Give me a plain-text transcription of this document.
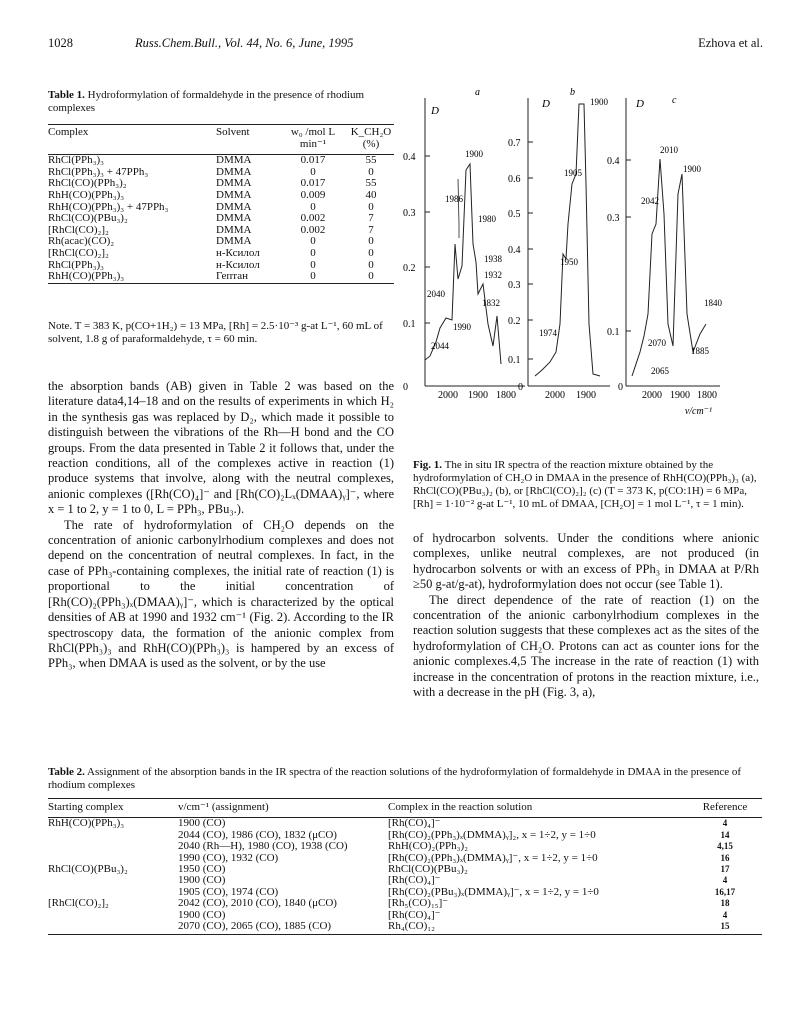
1028	Russ.Chem.Bull., Vol. 44, No. 6, June, 1995	Ezhova et al.
Table 1. Hydroformylation of formaldehyde in the presence of rhodium complexes
Complex	Solvent	w₀ /mol L min⁻¹	K_CH₂O (%)
RhCl(PPh₃)₃	DMMA	0.017	55
RhCl(PPh₃)₃ + 47PPh₃	DMMA	0	0
RhCl(CO)(PPh₃)₂	DMMA	0.017	55
RhH(CO)(PPh₃)₃	DMMA	0.009	40
RhH(CO)(PPh₃)₃ + 47PPh₃	DMMA	0	0
RhCl(CO)(PBu₃)₂	DMMA	0.002	7
[RhCl(CO)₂]₂	DMMA	0.002	7
Rh(acac)(CO)₂	DMMA	0	0
[RhCl(CO)₂]₂	н-Ксилол	0	0
RhCl(PPh₃)₃	н-Ксилол	0	0
RhH(CO)(PPh₃)₃	Гептан	0	0
Note. T = 383 K, p(CO+1H₂) = 13 MPa, [Rh] = 2.5·10⁻³ g-at L⁻¹, 60 mL of solvent, 1.8 g of paraformaldehyde, τ = 60 min.

the absorption bands (AB) given in Table 2 was based on the literature data4,14–18 and on the results of experiments in which H₂ in the synthesis gas was replaced by D₂, which made it possible to distinguish between the vibrations of the Rh—H bond and the CO groups. From the data presented in Table 2 it follows that, under the reaction conditions, all of the complexes active in reaction (1) produce systems that involve, along with the neutral complexes, anionic complexes ([Rh(CO)₄]⁻ and [Rh(CO)₂Lₓ(DMAA)ᵧ]⁻, where x = 1 to 2, y = 1 to 0, L = PPh₃, PBu₃.).

The rate of hydroformylation of CH₂O depends on the concentration of anionic carbonylrhodium complexes and does not depend on the concentration of neutral complexes. In fact, in the case of PPh₃-containing complexes, the initial rate of reaction (1) is proportional to the initial concentration of [Rh(CO)₂(PPh₃)ₓ(DMAA)ᵧ]⁻, which is characterized by the optical densities of AB at 1990 and 1932 cm⁻¹ (Fig. 2). According to the IR spectroscopy data, the formation of the anionic complex from RhCl(PPh₃)₃ and RhH(CO)(PPh₃)₃ is hampered by an excess of PPh₃, when DMAA is used as the solvent, or by the use

a	b
c
D
0
0.1
0.2
0.3
0.4
2000 1900 1800
1900
1986
1980
1938
1932
1832
2040
1990
2044
D
0
0.1
0.2
0.3
0.4
0.5
0.6
0.7
2000 1900
1900
1905
1950
1974
D
0
0.1
0.3
0.4
2000 1900 1800
2010
1900
2042
1840
2070
1885
2065
v/cm⁻¹
Fig. 1. The in situ IR spectra of the reaction mixture obtained by the hydroformylation of CH₂O in DMAA in the presence of RhH(CO)(PPh₃)₃ (a), RhCl(CO)(PBu₃)₂ (b), or [RhCl(CO)₂]₂ (c) (T = 373 K, p(CO:1H) = 6 MPa, [Rh] = 1·10⁻² g-at L⁻¹, 10 mL of DMAA, [CH₂O] = 1 mol L⁻¹, τ = 1 min).

of hydrocarbon solvents. Under the conditions where anionic complexes, unlike neutral complexes, are not produced (in hydrocarbon solvents or with an excess of PPh₃ in DMAA at P/Rh ≥50 g-at/g-at), hydroformylation does not occur (see Table 1).

The direct dependence of the rate of reaction (1) on the concentration of the anionic carbonylrhodium complexes in the reaction solution suggests that these complexes act as the sites of the hydroformylation of CH₂O. Protons can act as counter ions for the anionic complexes.4,5 The increase in the rate of reaction (1) with increase in the concentration of protons in the reaction mixture, i.e., with a decrease in the pH (Fig. 3, a),

Table 2. Assignment of the absorption bands in the IR spectra of the reaction solutions of the hydroformylation of formaldehyde in DMAA in the presence of rhodium complexes
Starting complex	v/cm⁻¹ (assignment)	Complex in the reaction solution	Reference
RhH(CO)(PPh₃)₃	1900 (CO)	[Rh(CO)₄]⁻	4
	2044 (CO), 1986 (CO), 1832 (μCO)	[Rh(CO)₂(PPh₃)ₓ(DMMA)ᵧ]₂, x = 1÷2, y = 1÷0	14
	2040 (Rh—H), 1980 (CO), 1938 (CO)	RhH(CO)₂(PPh₃)₂	4,15
	1990 (CO), 1932 (CO)	[Rh(CO)₂(PPh₃)ₓ(DMMA)ᵧ]⁻, x = 1÷2, y = 1÷0	16
RhCl(CO)(PBu₃)₂	1950 (CO)	RhCl(CO)(PBu₃)₂	17
	1900 (CO)	[Rh(CO)₄]⁻	4
	1905 (CO), 1974 (CO)	[Rh(CO)₂(PBu₃)ₓ(DMMA)ᵧ]⁻, x = 1÷2, y = 1÷0	16,17
[RhCl(CO)₂]₂	2042 (CO), 2010 (CO), 1840 (μCO)	[Rh₅(CO)₁₅]⁻	18
	1900 (CO)	[Rh(CO)₄]⁻	4
	2070 (CO), 2065 (CO), 1885 (CO)	Rh₄(CO)₁₂	15
